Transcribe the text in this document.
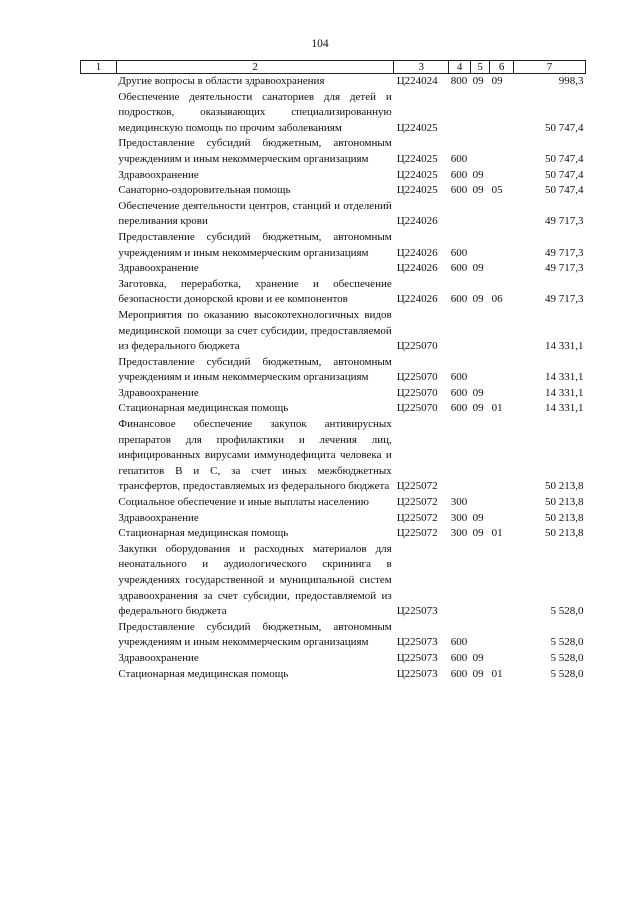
104
1	2	3	4	5	6	7
	Другие вопросы в области здравоохранения	Ц224024	800	09	09	998,3
	Обеспечение деятельности санаториев для детей и подростков, оказывающих специализированную медицинскую помощь по прочим заболеваниям	Ц224025				50 747,4
	Предоставление субсидий бюджетным, автономным учреждениям и иным некоммерческим организациям	Ц224025	600			50 747,4
	Здравоохранение	Ц224025	600	09		50 747,4
	Санаторно-оздоровительная помощь	Ц224025	600	09	05	50 747,4
	Обеспечение деятельности центров, станций и отделений переливания крови	Ц224026				49 717,3
	Предоставление субсидий бюджетным, автономным учреждениям и иным некоммерческим организациям	Ц224026	600			49 717,3
	Здравоохранение	Ц224026	600	09		49 717,3
	Заготовка, переработка, хранение и обеспечение безопасности донорской крови и ее компонентов	Ц224026	600	09	06	49 717,3
	Мероприятия по оказанию высокотехнологичных видов медицинской помощи за счет субсидии, предоставляемой из федерального бюджета	Ц225070				14 331,1
	Предоставление субсидий бюджетным, автономным учреждениям и иным некоммерческим организациям	Ц225070	600			14 331,1
	Здравоохранение	Ц225070	600	09		14 331,1
	Стационарная медицинская помощь	Ц225070	600	09	01	14 331,1
	Финансовое обеспечение закупок антивирусных препаратов для профилактики и лечения лиц, инфицированных вирусами иммунодефицита человека и гепатитов B и C, за счет иных межбюджетных трансфертов, предоставляемых из федерального бюджета	Ц225072				50 213,8
	Социальное обеспечение и иные выплаты населению	Ц225072	300			50 213,8
	Здравоохранение	Ц225072	300	09		50 213,8
	Стационарная медицинская помощь	Ц225072	300	09	01	50 213,8
	Закупки оборудования и расходных материалов для неонатального и аудиологического скрининга в учреждениях государственной и муниципальной систем здравоохранения за счет субсидии, предоставляемой из федерального бюджета	Ц225073				5 528,0
	Предоставление субсидий бюджетным, автономным учреждениям и иным некоммерческим организациям	Ц225073	600			5 528,0
	Здравоохранение	Ц225073	600	09		5 528,0
	Стационарная медицинская помощь	Ц225073	600	09	01	5 528,0
